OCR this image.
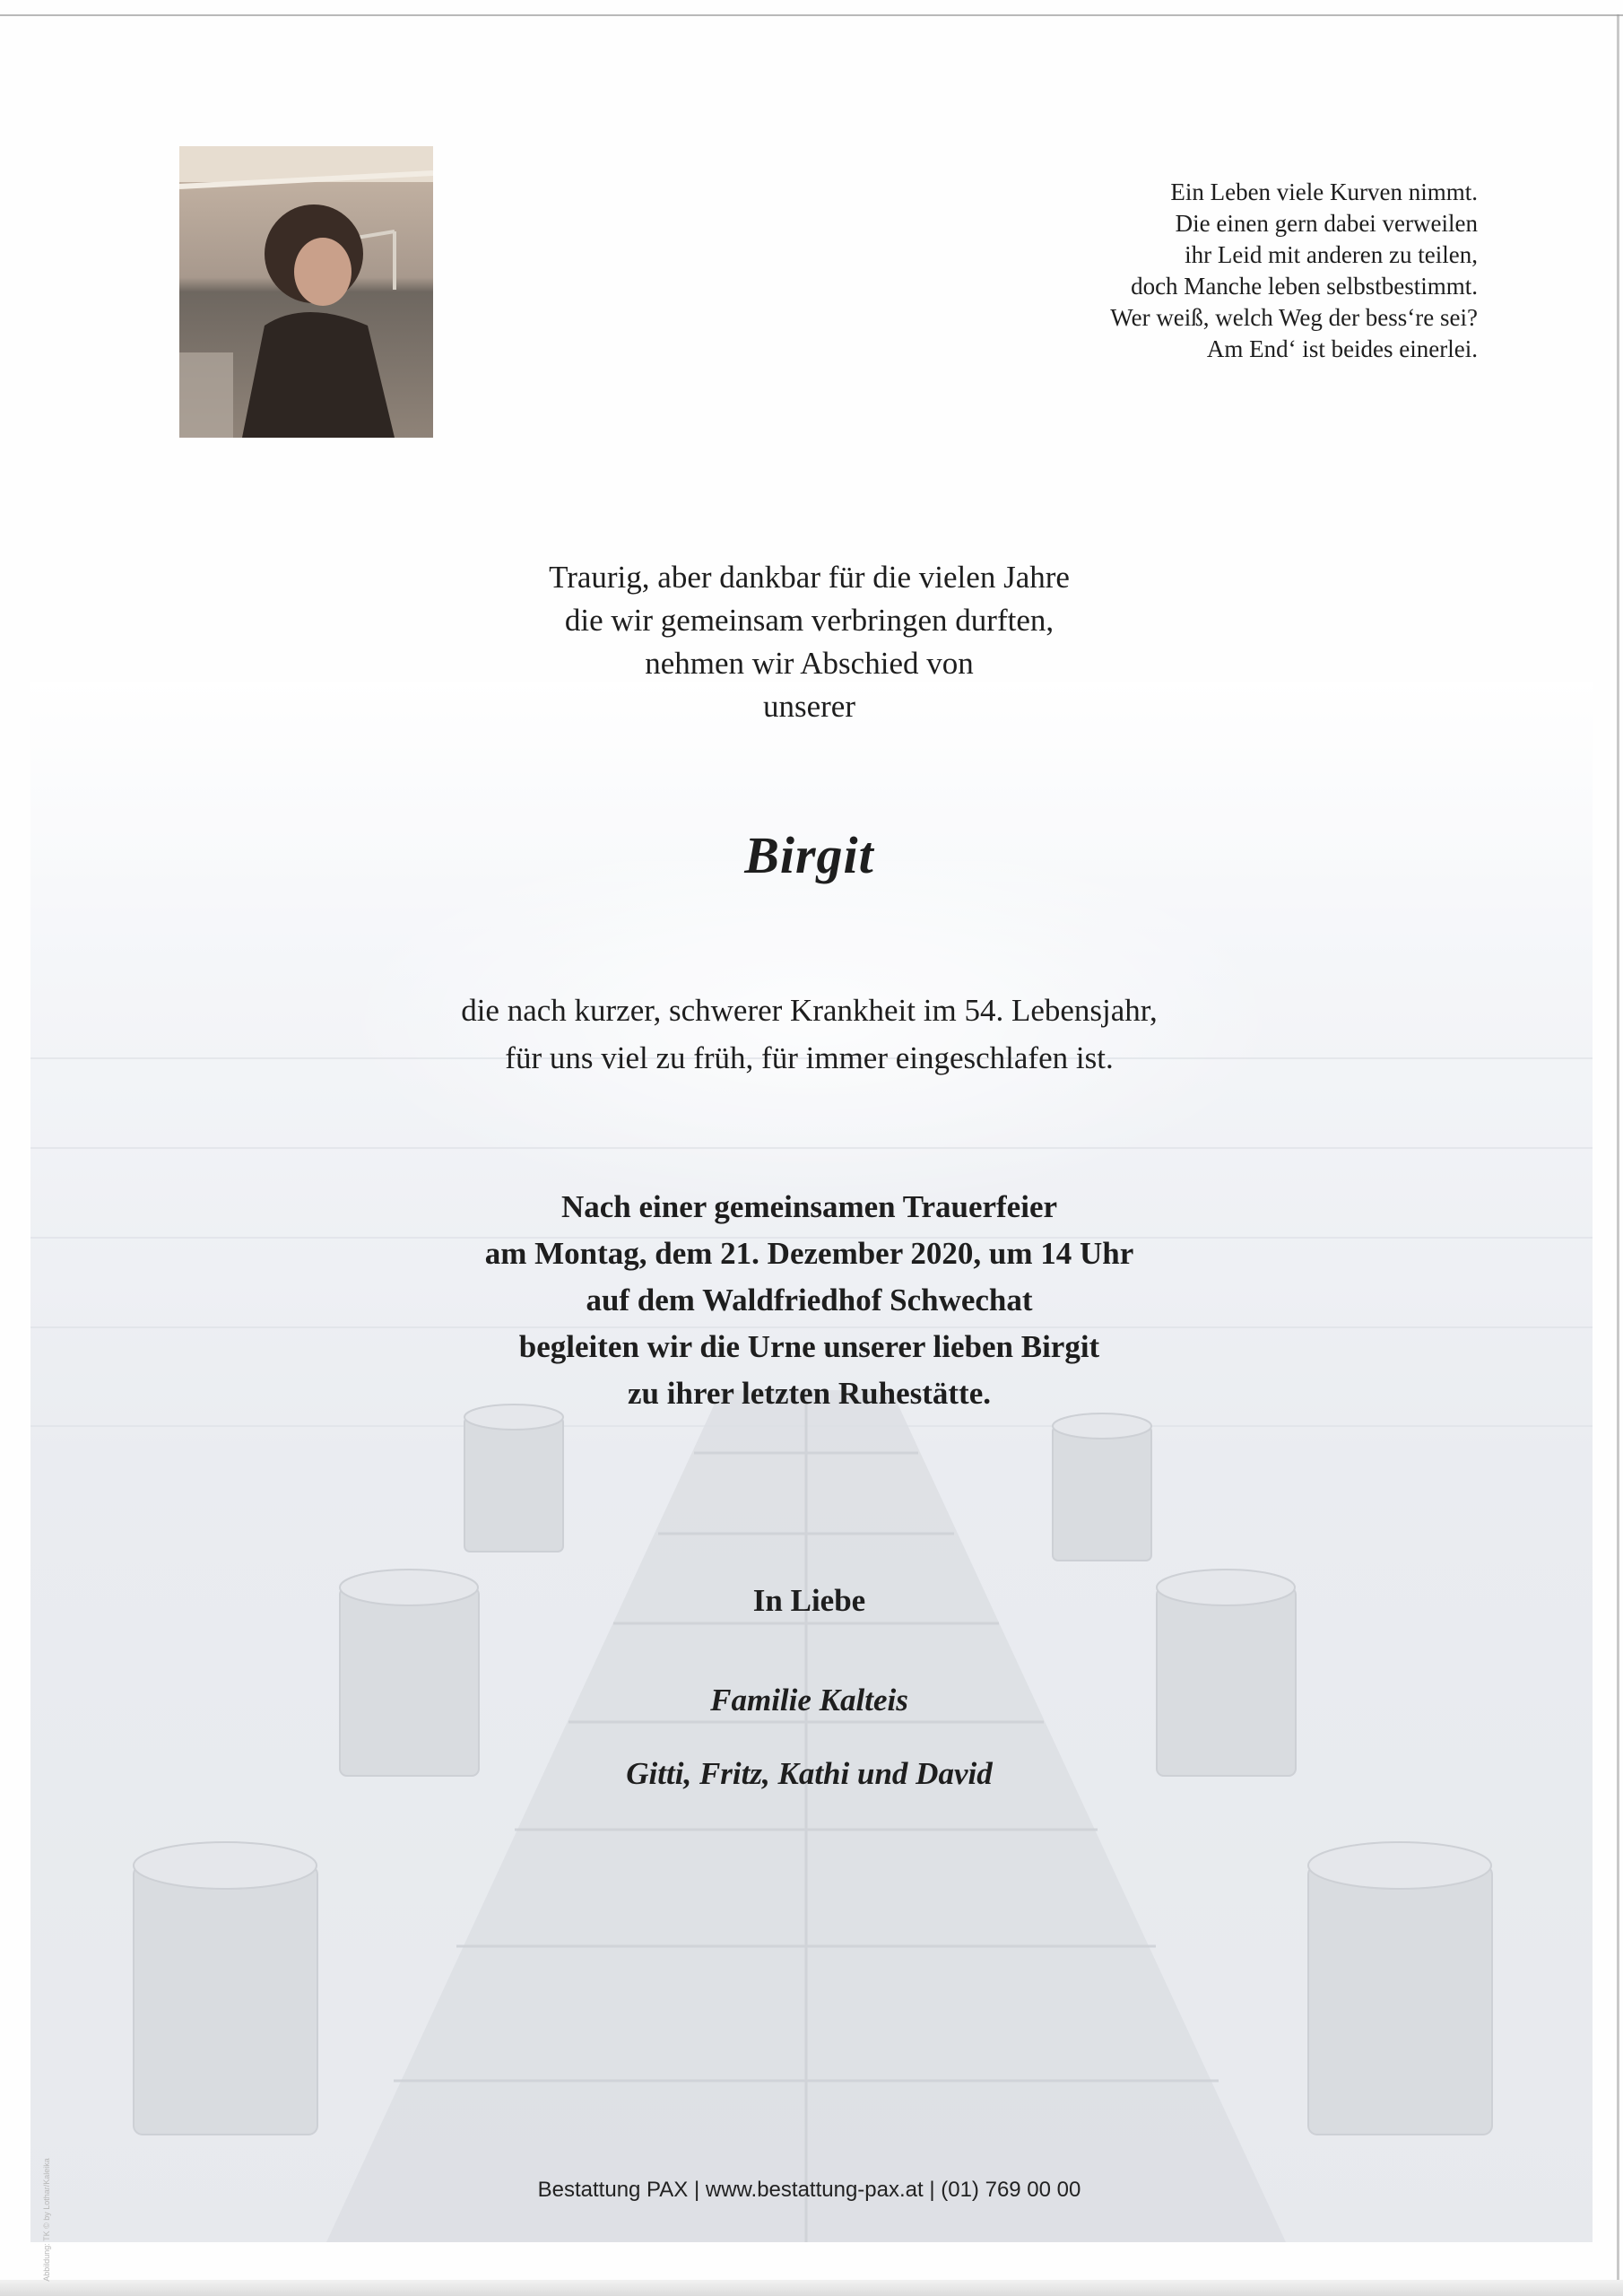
Ein Leben viele Kurven nimmt.
Die einen gern dabei verweilen
ihr Leid mit anderen zu teilen,
doch Manche leben selbstbestimmt.
Wer weiß, welch Weg der bess‘re sei?
Am End‘ ist beides einerlei.
Traurig, aber dankbar für die vielen Jahre
die wir gemeinsam verbringen durften,
nehmen wir Abschied von
unserer
Birgit
die nach kurzer, schwerer Krankheit im 54. Lebensjahr,
für uns viel zu früh, für immer eingeschlafen ist.
Nach einer gemeinsamen Trauerfeier
am Montag, dem 21. Dezember 2020, um 14 Uhr
auf dem Waldfriedhof Schwechat
begleiten wir die Urne unserer lieben Birgit
zu ihrer letzten Ruhestätte.
In Liebe
Familie Kalteis
Gitti, Fritz, Kathi und David
Bestattung PAX | www.bestattung-pax.at | (01) 769 00 00
Abbildung: TK © by Lothar/Kaleika
